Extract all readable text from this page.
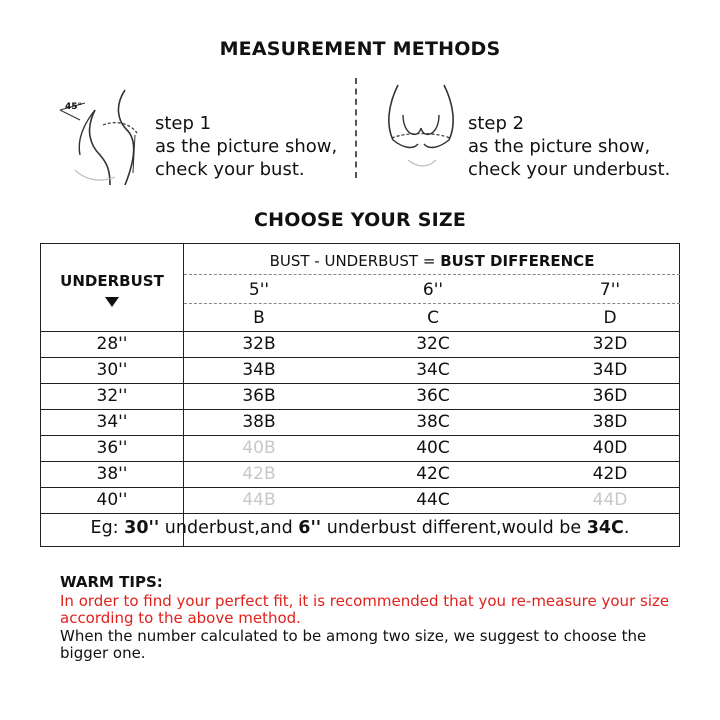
MEASUREMENT METHODS
45°
step 1
as the picture show,
check your bust.
step 2
as the picture show,
check your underbust.
CHOOSE YOUR SIZE
UNDERBUST
BUST - UNDERBUST = BUST DIFFERENCE
5''	6''	7''
B	C	D
28''	32B	32C	32D
30''	34B	34C	34D
32''	36B	36C	36D
34''	38B	38C	38D
36''	40B	40C	40D
38''	42B	42C	42D
40''	44B	44C	44D
Eg: 30'' underbust,and 6'' underbust different,would be 34C.
WARM TIPS:
In order to find your perfect fit, it is recommended that you re-measure your size according to the above method.
When the number calculated to be among two size, we suggest to choose the bigger one.
